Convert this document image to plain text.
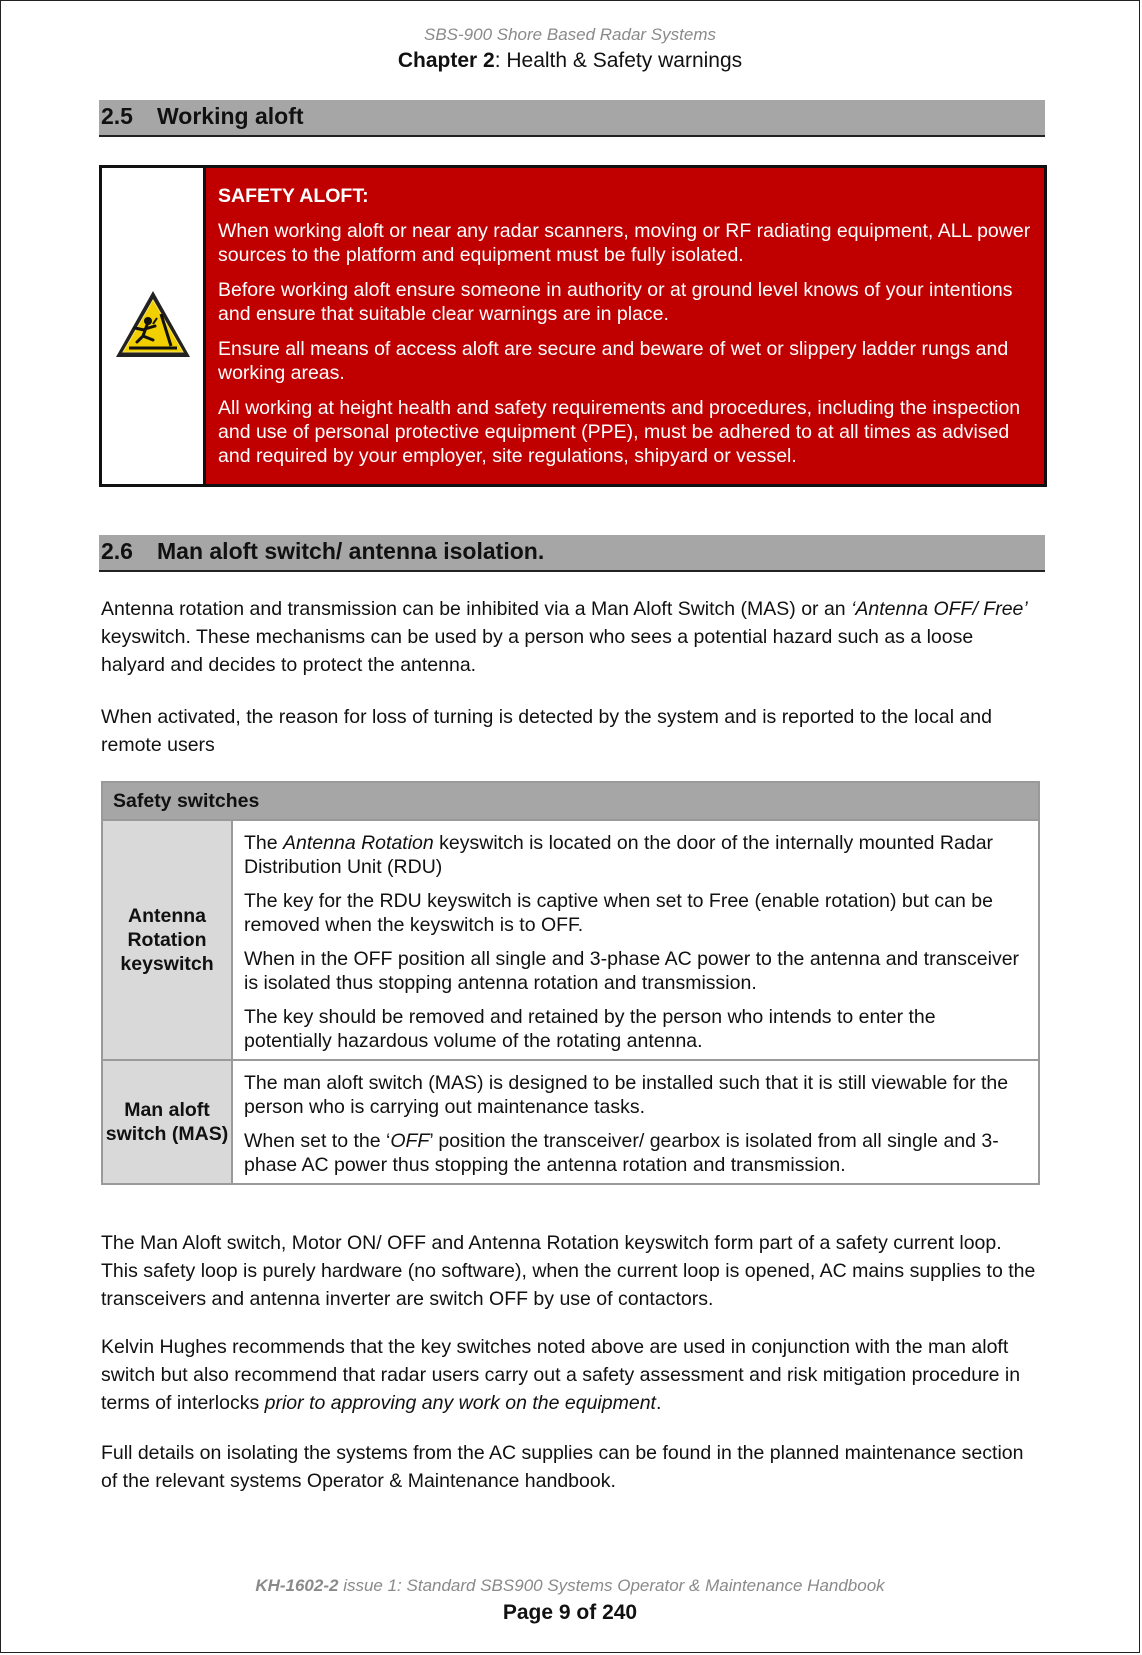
SBS-900 Shore Based Radar Systems
Chapter 2: Health & Safety warnings
2.5 Working aloft
SAFETY ALOFT:

When working aloft or near any radar scanners, moving or RF radiating equipment, ALL power sources to the platform and equipment must be fully isolated.

Before working aloft ensure someone in authority or at ground level knows of your intentions and ensure that suitable clear warnings are in place.

Ensure all means of access aloft are secure and beware of wet or slippery ladder rungs and working areas.

All working at height health and safety requirements and procedures, including the inspection and use of personal protective equipment (PPE), must be adhered to at all times as advised and required by your employer, site regulations, shipyard or vessel.

2.6 Man aloft switch/ antenna isolation.

Antenna rotation and transmission can be inhibited via a Man Aloft Switch (MAS) or an ‘Antenna OFF/ Free’ keyswitch. These mechanisms can be used by a person who sees a potential hazard such as a loose halyard and decides to protect the antenna.

When activated, the reason for loss of turning is detected by the system and is reported to the local and remote users

Safety switches	
Antenna Rotation keyswitch	The Antenna Rotation keyswitch is located on the door of the internally mounted Radar Distribution Unit (RDU)

The key for the RDU keyswitch is captive when set to Free (enable rotation) but can be removed when the keyswitch is to OFF.

When in the OFF position all single and 3-phase AC power to the antenna and transceiver is isolated thus stopping antenna rotation and transmission.

The key should be removed and retained by the person who intends to enter the potentially hazardous volume of the rotating antenna.

Man aloft switch (MAS)	The man aloft switch (MAS) is designed to be installed such that it is still viewable for the person who is carrying out maintenance tasks.

When set to the ‘OFF’ position the transceiver/ gearbox is isolated from all single and 3-phase AC power thus stopping the antenna rotation and transmission.

The Man Aloft switch, Motor ON/ OFF and Antenna Rotation keyswitch form part of a safety current loop. This safety loop is purely hardware (no software), when the current loop is opened, AC mains supplies to the transceivers and antenna inverter are switch OFF by use of contactors.

Kelvin Hughes recommends that the key switches noted above are used in conjunction with the man aloft switch but also recommend that radar users carry out a safety assessment and risk mitigation procedure in terms of interlocks prior to approving any work on the equipment.

Full details on isolating the systems from the AC supplies can be found in the planned maintenance section of the relevant systems Operator & Maintenance handbook.

KH-1602-2 issue 1: Standard SBS900 Systems Operator & Maintenance Handbook
Page 9 of 240
